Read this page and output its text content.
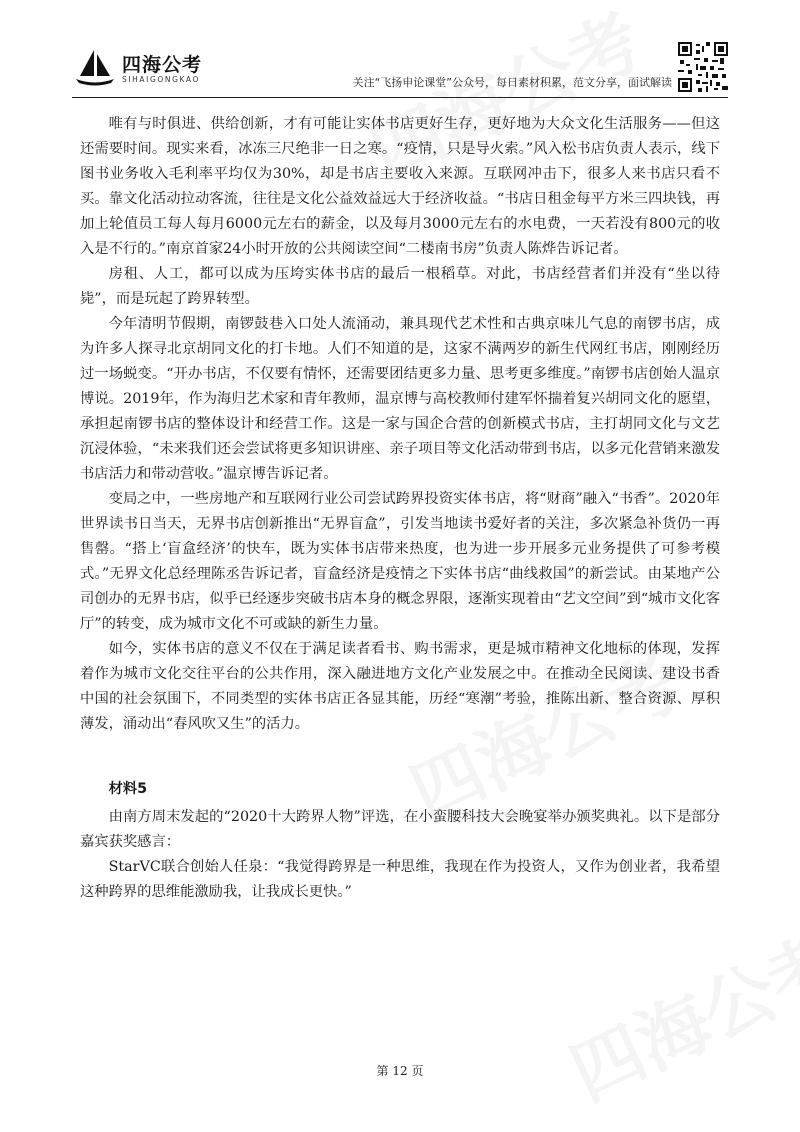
四海公考
SIHAIGONGKAO	关注“飞扬申论课堂”公众号，每日素材积累，范文分享，面试解读

唯有与时俱进、供给创新，才有可能让实体书店更好生存，更好地为大众文化生活服务——但这还需要时间。现实来看，冰冻三尺绝非一日之寒。“疫情，只是导火索。”风入松书店负责人表示，线下图书业务收入毛利率平均仅为30%，却是书店主要收入来源。互联网冲击下，很多人来书店只看不买。靠文化活动拉动客流，往往是文化公益效益远大于经济收益。“书店日租金每平方米三四块钱，再加上轮值员工每人每月6000元左右的薪金，以及每月3000元左右的水电费，一天若没有800元的收入是不行的。”南京首家24小时开放的公共阅读空间“二楼南书房”负责人陈烨告诉记者。

房租、人工，都可以成为压垮实体书店的最后一根稻草。对此，书店经营者们并没有“坐以待毙”，而是玩起了跨界转型。

今年清明节假期，南锣鼓巷入口处人流涌动，兼具现代艺术性和古典京味儿气息的南锣书店，成为许多人探寻北京胡同文化的打卡地。人们不知道的是，这家不满两岁的新生代网红书店，刚刚经历过一场蜕变。“开办书店，不仅要有情怀，还需要团结更多力量、思考更多维度。”南锣书店创始人温京博说。2019年，作为海归艺术家和青年教师，温京博与高校教师付建军怀揣着复兴胡同文化的愿望，承担起南锣书店的整体设计和经营工作。这是一家与国企合营的创新模式书店，主打胡同文化与文艺沉浸体验，“未来我们还会尝试将更多知识讲座、亲子项目等文化活动带到书店，以多元化营销来激发书店活力和带动营收。”温京博告诉记者。

变局之中，一些房地产和互联网行业公司尝试跨界投资实体书店，将“财商”融入“书香”。2020年世界读书日当天，无界书店创新推出“无界盲盒”，引发当地读书爱好者的关注，多次紧急补货仍一再售罄。“搭上‘盲盒经济’的快车，既为实体书店带来热度，也为进一步开展多元业务提供了可参考模式。”无界文化总经理陈丞告诉记者，盲盒经济是疫情之下实体书店“曲线救国”的新尝试。由某地产公司创办的无界书店，似乎已经逐步突破书店本身的概念界限，逐渐实现着由“艺文空间”到“城市文化客厅”的转变，成为城市文化不可或缺的新生力量。

如今，实体书店的意义不仅在于满足读者看书、购书需求，更是城市精神文化地标的体现，发挥着作为城市文化交往平台的公共作用，深入融进地方文化产业发展之中。在推动全民阅读、建设书香中国的社会氛围下，不同类型的实体书店正各显其能，历经“寒潮”考验，推陈出新、整合资源、厚积薄发，涌动出“春风吹又生”的活力。

材料5

由南方周末发起的“2020十大跨界人物”评选，在小蛮腰科技大会晚宴举办颁奖典礼。以下是部分嘉宾获奖感言：

StarVC联合创始人任泉：“我觉得跨界是一种思维，我现在作为投资人，又作为创业者，我希望这种跨界的思维能激励我，让我成长更快。”

第 12 页
